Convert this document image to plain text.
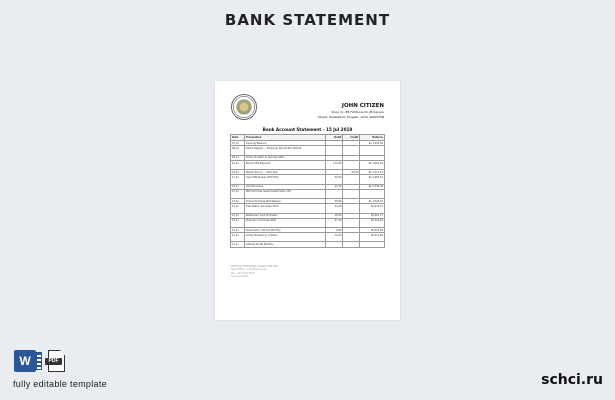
BANK STATEMENT
JOHN CITIZEN
Shop 1c, 88 Fictitious St, JB Square
Street, Ghaziabad, Tongala, 1234, PAKISTAN
Bank Account Statement - 15 Jul 2019
Date	Transaction	Debit	Credit	Balance
07 Jul	Opening Balance			Rs 1,234.56
08 Jul	Direct Deposit — Employer Payroll Ref 103214			
09 Jul	Online Transfer to Savings 4401			
10 Jul	Electric Bill Payment	172.95		Rs 1,061.61
10 Jul	Mobile Top-up — Telco Pay		50.00	Rs 1,111.61
11 Jul	Cash Withdrawal ATM 0012	30.00		Rs 1,081.61
12 Jul	Card Purchase	22.15		Rs 1,059.46
12 Jul	POS Purchase Supermarket Store 118			
13 Jul	Online Purchase Marketplace	35.85		Rs 1,023.61
13 Jul	Fuel Station Purchase 2210	44.10		Rs 979.51
14 Jul	Restaurant Card Purchase	18.40		Rs 961.11
14 Jul	Pharmacy Purchase 0091	27.30		Rs 933.81
15 Jul	Subscription Service Monthly	9.99		Rs 923.82
15 Jul	Online Transfer to J Citizen	12.00		Rs 911.82
15 Jul	Interest Credit Monthly			
BRITISH NATIONAL BANK LIMITED
Head Office, 1 Fictitious Lane
Tel: +00 1234 5678
bank.example
W	PDF
fully editable template	schci.ru
